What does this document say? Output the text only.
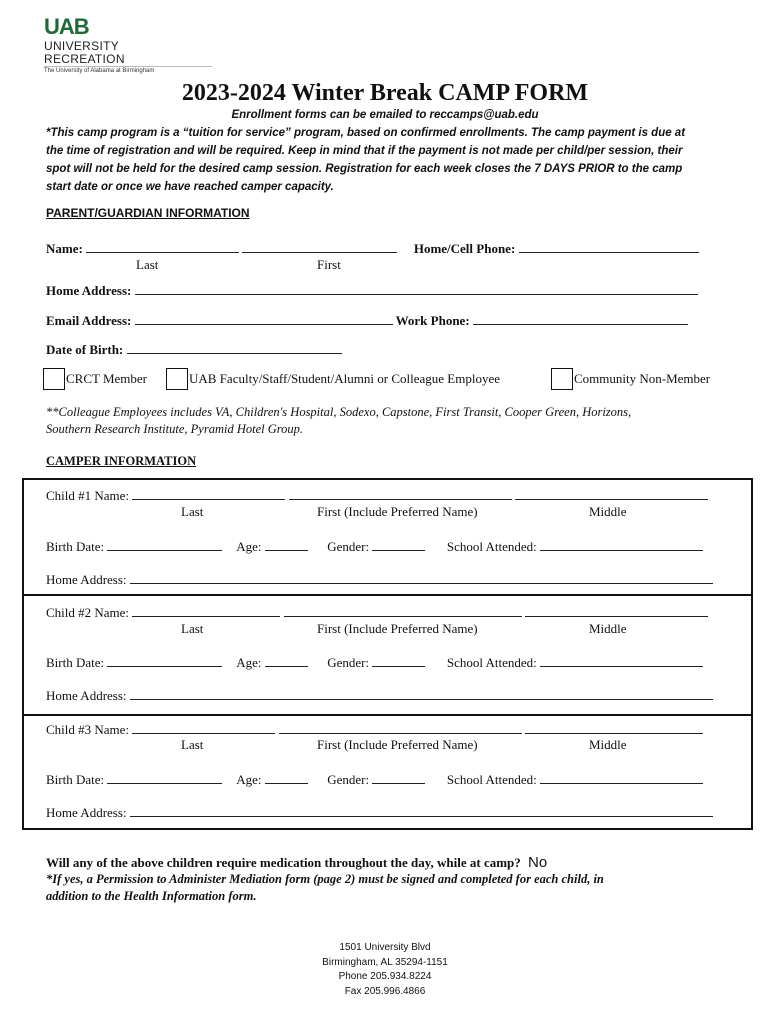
UAB
UNIVERSITY
RECREATION
The University of Alabama at Birmingham
2023-2024 Winter Break CAMP FORM
Enrollment forms can be emailed to reccamps@uab.edu
*This camp program is a “tuition for service” program, based on confirmed enrollments. The camp payment is due at
the time of registration and will be required. Keep in mind that if the payment is not made per child/per session, their
spot will not be held for the desired camp session. Registration for each week closes the 7 DAYS PRIOR to the camp
start date or once we have reached camper capacity.
PARENT/GUARDIAN INFORMATION
Name:	Home/Cell Phone:
Last	First
Home Address:
Email Address:	Work Phone:
Date of Birth:
CRCT Member	UAB Faculty/Staff/Student/Alumni or Colleague Employee	Community Non-Member
**Colleague Employees includes VA, Children's Hospital, Sodexo, Capstone, First Transit, Cooper Green, Horizons,
Southern Research Institute, Pyramid Hotel Group.
CAMPER INFORMATION
Child #1 Name:
Last	First (Include Preferred Name)	Middle
Birth Date:	Age:	Gender:	School Attended:
Home Address:
Child #2 Name:
Last	First (Include Preferred Name)	Middle
Birth Date:	Age:	Gender:	School Attended:
Home Address:
Child #3 Name:
Last	First (Include Preferred Name)	Middle
Birth Date:	Age:	Gender:	School Attended:
Home Address:
Will any of the above children require medication throughout the day, while at camp? No
*If yes, a Permission to Administer Mediation form (page 2) must be signed and completed for each child, in
addition to the Health Information form.
1501 University Blvd
Birmingham, AL 35294-1151
Phone 205.934.8224
Fax 205.996.4866
